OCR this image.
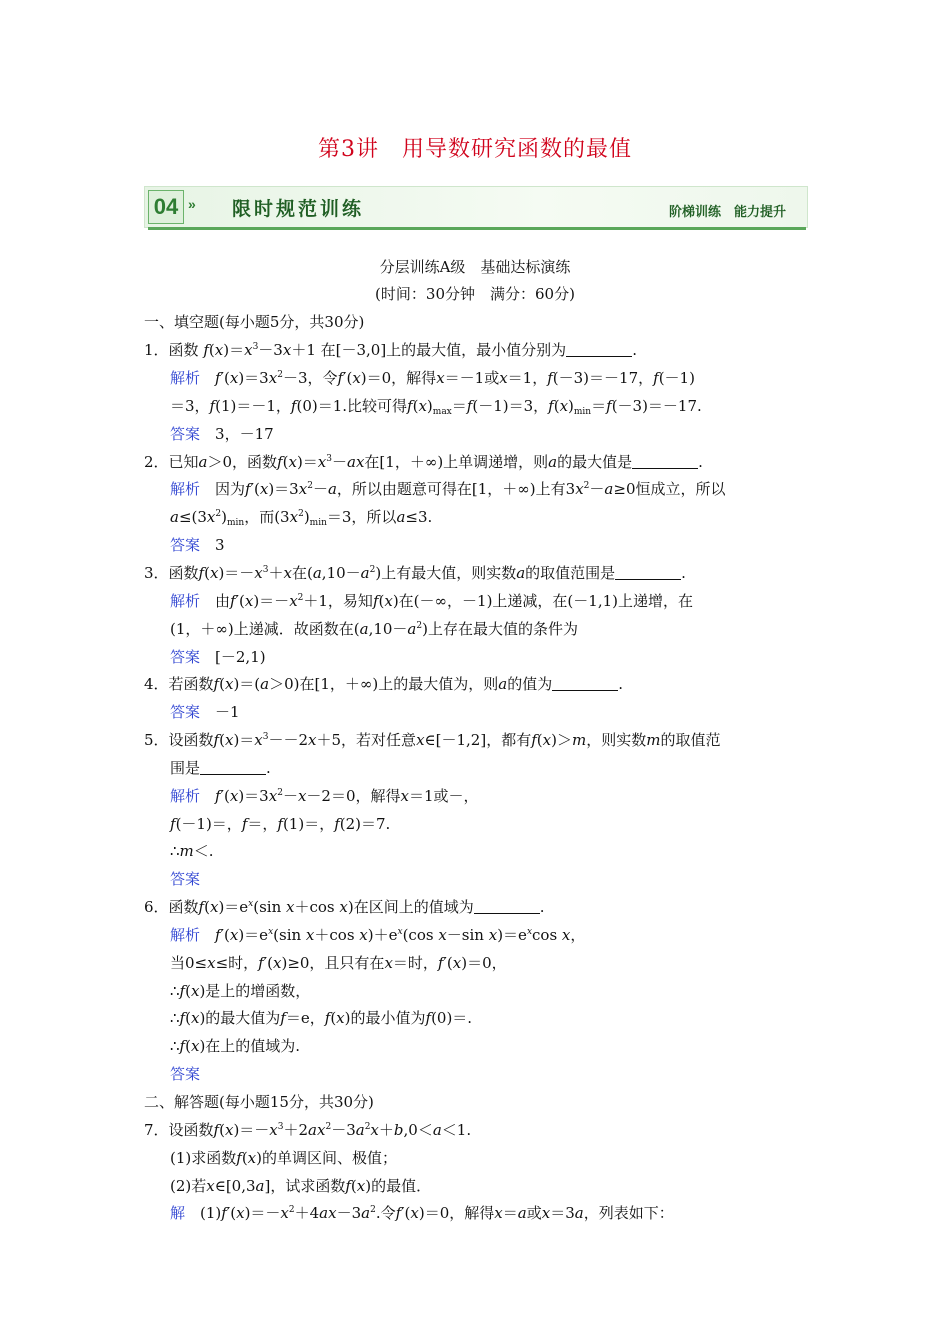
第3讲　用导数研究函数的最值
04 » 限时规范训练	阶梯训练　能力提升
分层训练A级　基础达标演练
(时间：30分钟　满分：60分)
一、填空题(每小题5分，共30分)
1．函数 $f(x)=x^3-3x+1$ 在[－3,0]上的最大值，最小值分别为	.
解析　 $f'(x)=3x^2-3$，令f′(x)＝0，解得x＝－1或x＝1，f(－3)＝－17，f(－1)
＝3，f(1)＝－1，f(0)＝1.比较可得$f(x)_{max}=f(-1)=3$，$f(x)_{min}=f(-3)=-17$.
答案　 3，－17
2．已知a＞0，函数$f(x)=x^3-ax$在[1，＋∞)上单调递增，则a的最大值是	.
解析　因为$f'(x)=3x^2-a$，所以由题意可得在[1，＋∞)上有$3x^2-a\ge 0$恒成立，所以
$a\le(3x^2)_{min}$，而$(3x^2)_{min}=3$，所以a≤3.
答案　 3
3．函数$f(x)=-x^3+x$在$(a,10-a^2)$上有最大值，则实数a的取值范围是	.
解析　由$f'(x)=-x^2+1$，易知f(x)在(－∞，－1)上递减，在(－1,1)上递增，在
(1，＋∞)上递减．故函数在$(a,10-a^2)$上存在最大值的条件为
答案　 [－2,1)
4．若函数f(x)＝(a＞0)在[1，＋∞)上的最大值为，则a的值为	.
答案　 －1
5．设函数$f(x)=x^3--2x+5$，若对任意x∈[－1,2]，都有f(x)＞m，则实数m的取值范
围是	.
解析　 $f'(x)=3x^2-x-2=0$，解得x＝1或－，
f(－1)＝，f＝，f(1)＝，f(2)＝7.
∴m＜.
答案
6．函数$f(x)=e^x(\sin$ x＋cos x)在区间上的值域为	.
解析　 $f'(x)=e^x(\sin$ x＋cos $x)+e^x(\cos$ x－sin $x)=e^x\cos$ x，
当0≤x≤时，f′(x)≥0，且只有在x＝时，f′(x)＝0，
∴f(x)是上的增函数，
∴f(x)的最大值为f＝e，f(x)的最小值为f(0)＝.
∴f(x)在上的值域为.
答案
二、解答题(每小题15分，共30分)
7．设函数$f(x)=-x^3+2ax^2-3a^2x+b,0<a<1$.
(1)求函数f(x)的单调区间、极值；
(2)若x∈[0,3a]，试求函数f(x)的最值．
解　$(1)f'(x)=-x^2+4ax-3a^2$.令f′(x)＝0，解得x＝a或x＝3a，列表如下：
